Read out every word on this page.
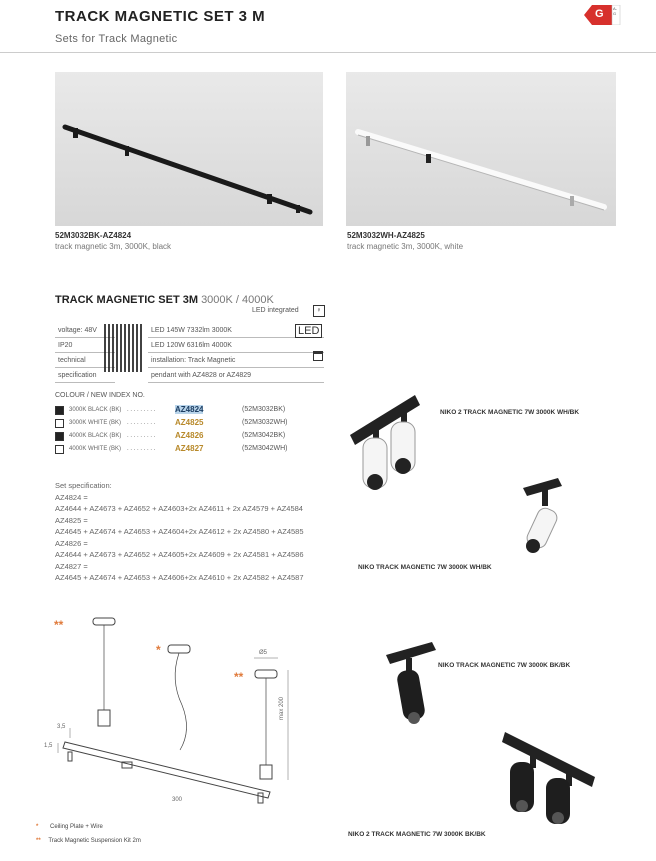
TRACK MAGNETIC SET 3 M
Sets for Track Magnetic
G A-G
52M3032BK-AZ4824
track magnetic 3m, 3000K, black
52M3032WH-AZ4825
track magnetic 3m, 3000K, white
TRACK MAGNETIC SET 3M 3000K / 4000K
LED integrated	♀
voltage: 48V
IP20
technical
specification
LED 145W 7332lm 3000K
LED 120W 6316lm 4000K
installation: Track Magnetic
pendant with AZ4828 or AZ4829
LED
COLOUR / NEW INDEX NO.
3000K BLACK (BK) . . . . . . . . . AZ4824	(52M3032BK)
3000K WHITE (BK) . . . . . . . . . AZ4825	(52M3032WH)
4000K BLACK (BK) . . . . . . . . . AZ4826	(52M3042BK)
4000K WHITE (BK) . . . . . . . . . AZ4827	(52M3042WH)
Set specification:
AZ4824 =
AZ4644 + AZ4673 + AZ4652 + AZ4603+2x AZ4611 + 2x AZ4579 + AZ4584
AZ4825 =
AZ4645 + AZ4674 + AZ4653 + AZ4604+2x AZ4612 + 2x AZ4580 + AZ4585
AZ4826 =
AZ4644 + AZ4673 + AZ4652 + AZ4605+2x AZ4609 + 2x AZ4581 + AZ4586
AZ4827 =
AZ4645 + AZ4674 + AZ4653 + AZ4606+2x AZ4610 + 2x AZ4582 + AZ4587
NIKO 2 TRACK MAGNETIC 7W 3000K WH/BK
NIKO TRACK MAGNETIC 7W 3000K WH/BK
NIKO TRACK MAGNETIC 7W 3000K BK/BK
NIKO 2 TRACK MAGNETIC 7W 3000K BK/BK
**
*
**
Ø5
max 200
300
3,5
1,5
* Ceiling Plate + Wire
** Track Magnetic Suspension Kit 2m
